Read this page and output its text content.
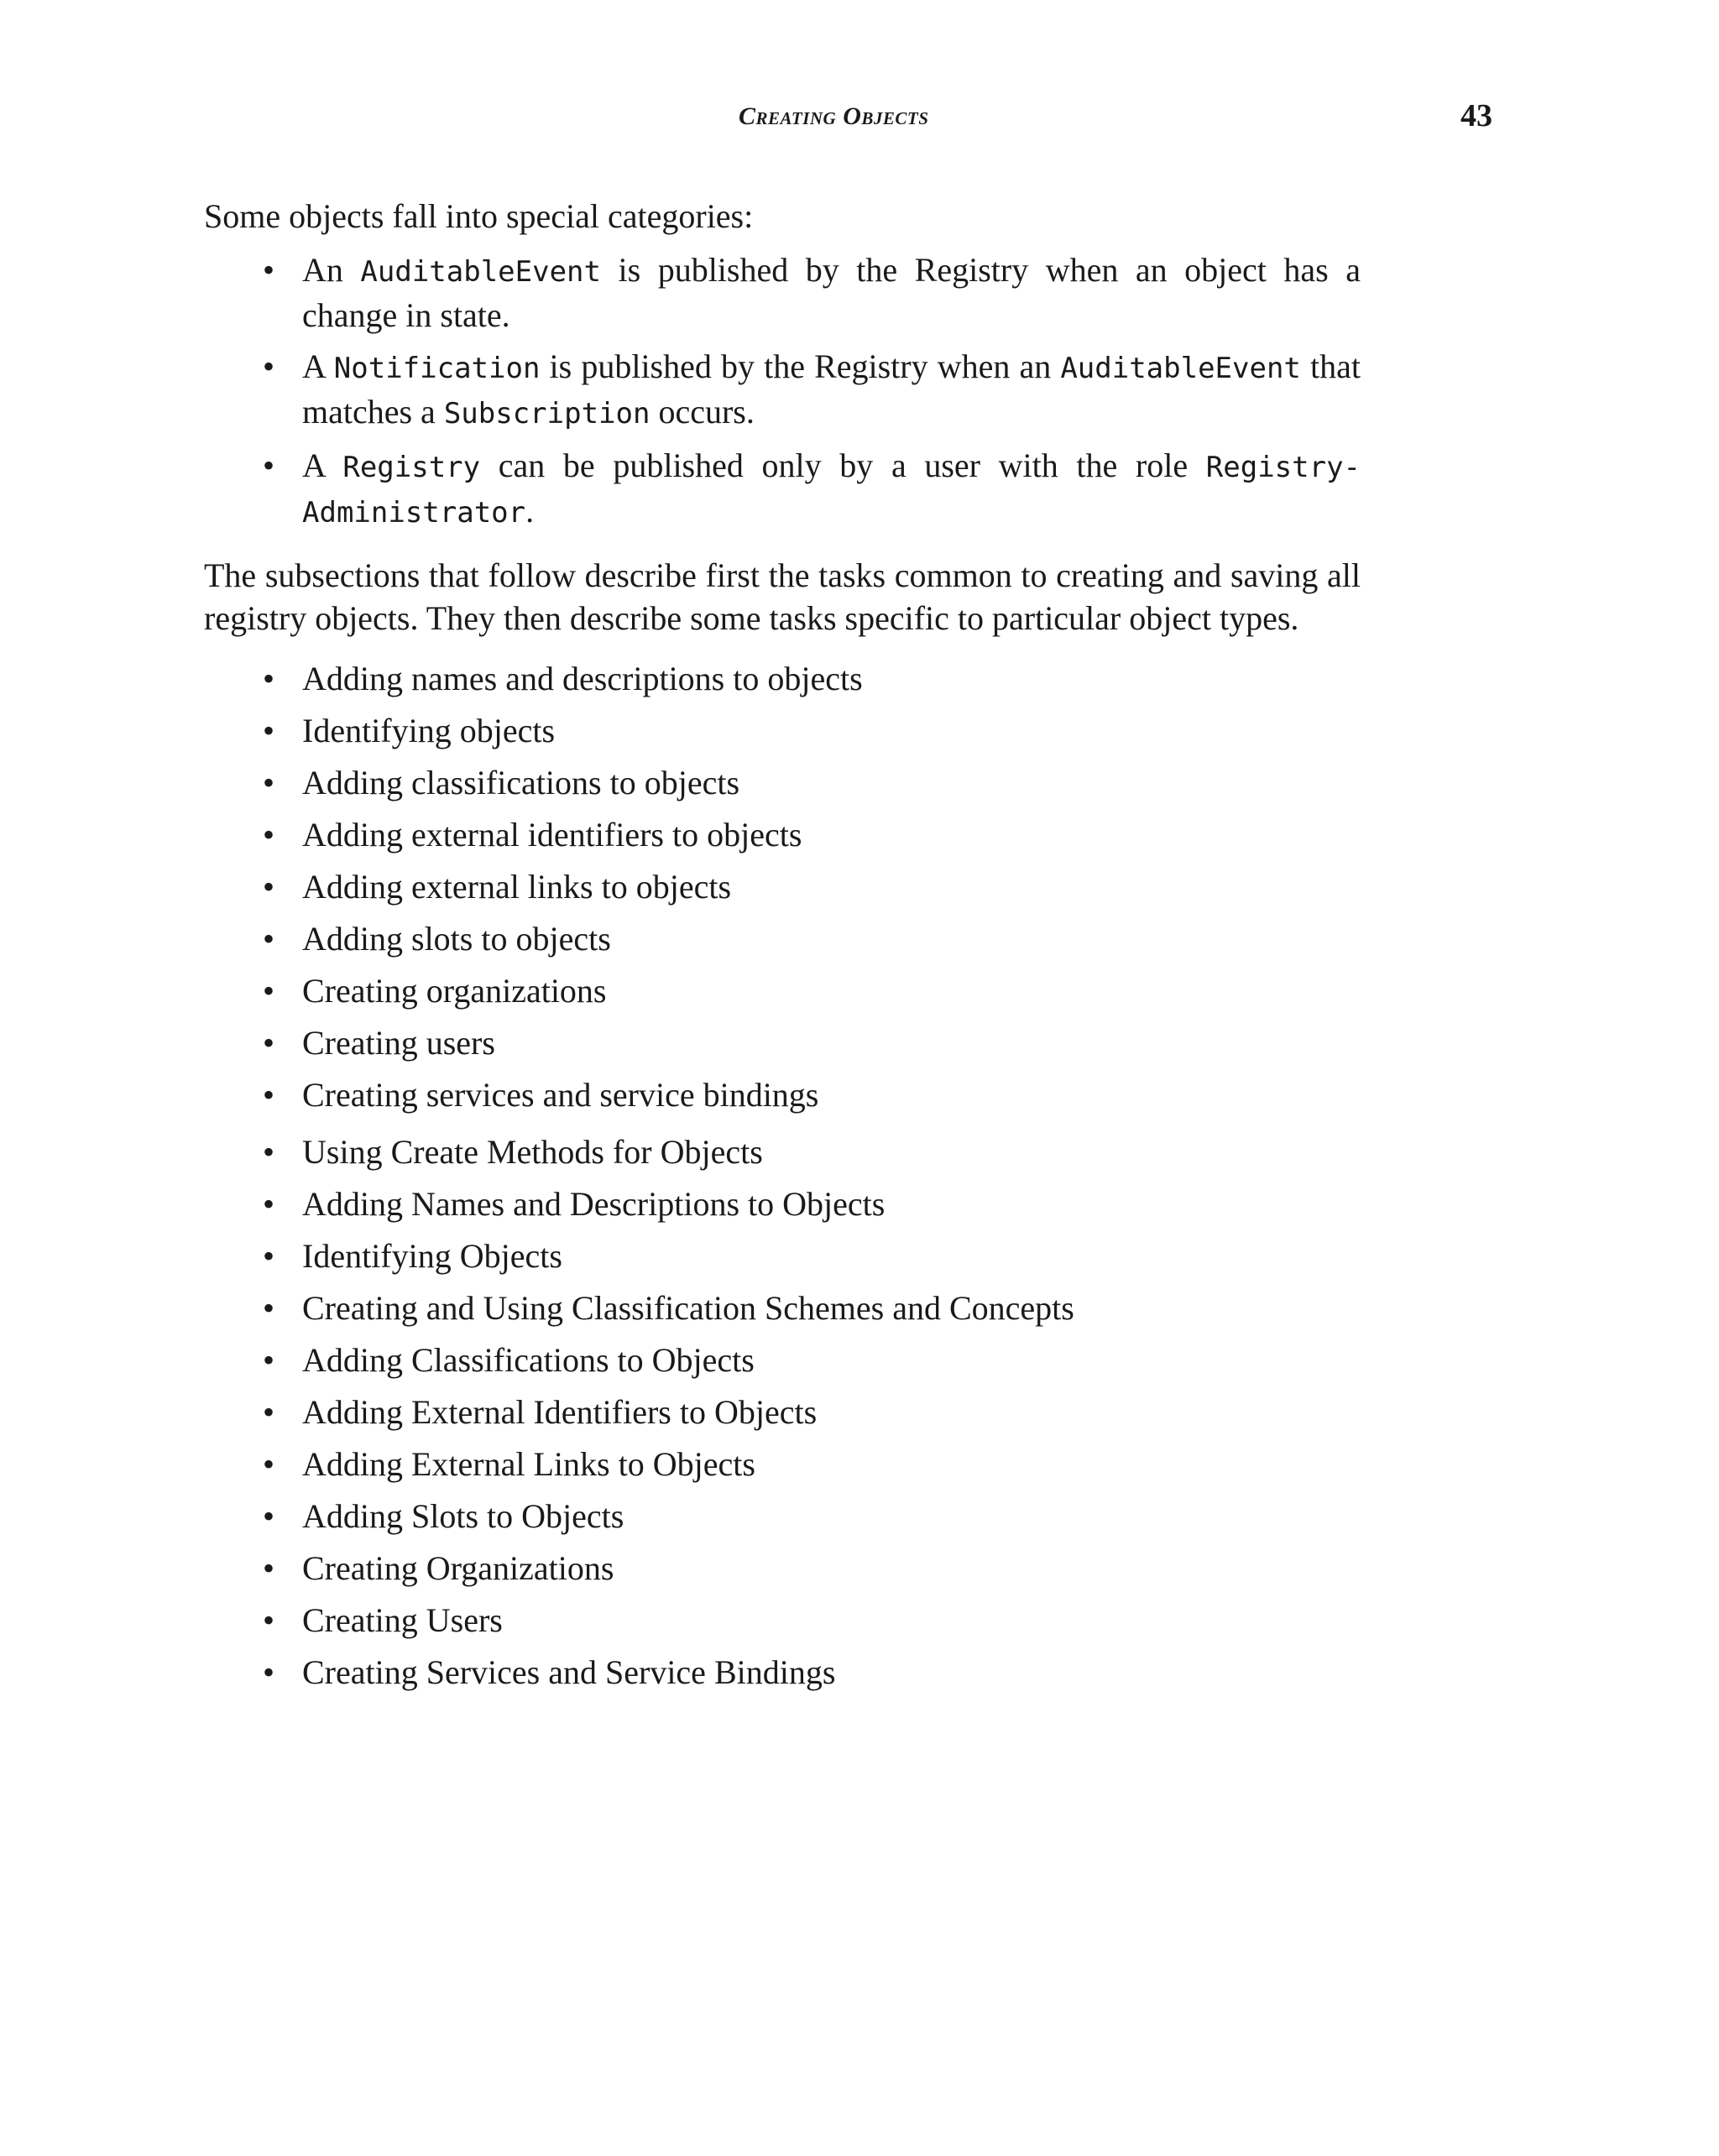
Creating Objects	43

Some objects fall into special categories:

• An AuditableEvent is published by the Registry when an object has a change in state.
• A Notification is published by the Registry when an AuditableEvent that matches a Subscription occurs.
• A Registry can be published only by a user with the role Registry-Administrator.

The subsections that follow describe first the tasks common to creating and saving all registry objects. They then describe some tasks specific to particular object types.

• Adding names and descriptions to objects
• Identifying objects
• Adding classifications to objects
• Adding external identifiers to objects
• Adding external links to objects
• Adding slots to objects
• Creating organizations
• Creating users
• Creating services and service bindings
• Using Create Methods for Objects
• Adding Names and Descriptions to Objects
• Identifying Objects
• Creating and Using Classification Schemes and Concepts
• Adding Classifications to Objects
• Adding External Identifiers to Objects
• Adding External Links to Objects
• Adding Slots to Objects
• Creating Organizations
• Creating Users
• Creating Services and Service Bindings
